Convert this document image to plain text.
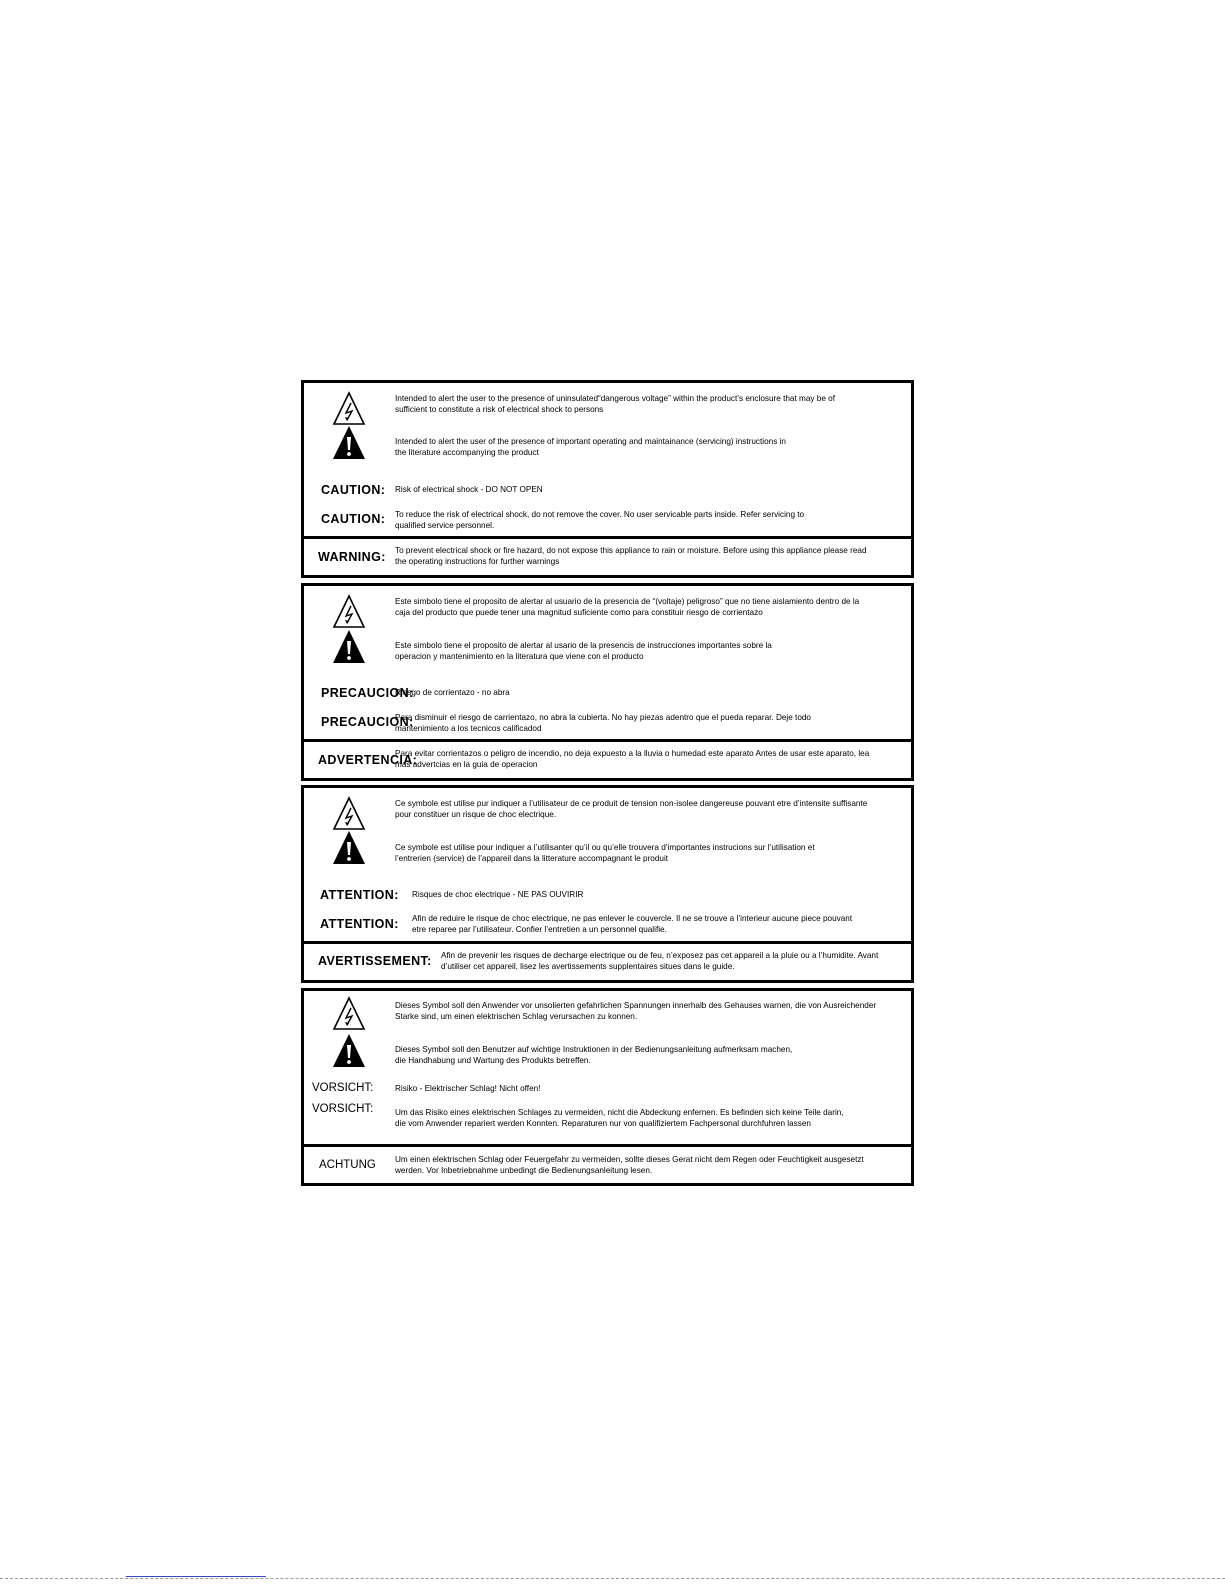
Intended to alert the user to the presence of uninsulated“dangerous voltage” within the product’s enclosure that may be of
sufficient to constitute a risk of electrical shock to persons
Intended to alert the user of the presence of important operating and maintainance (servicing) instructions in
the literature accompanying the product
CAUTION: Risk of electrical shock - DO NOT OPEN
CAUTION: To reduce the risk of electrical shock, do not remove the cover. No user servicable parts inside. Refer servicing to
qualified service personnel.
WARNING: To prevent electrical shock or fire hazard, do not expose this appliance to rain or moisture. Before using this appliance please read
the operating instructions for further warnings
Este simbolo tiene el proposito de alertar al usuario de la presencia de “(voltaje) peligroso” que no tiene aislamiento dentro de la
caja del producto que puede tener una magnitud suficiente como para constituir riesgo de corrientazo
Este simbolo tiene el proposito de alertar al usario de la presencis de instrucciones importantes sobre la
operacion y mantenimiento en la literatura que viene con el producto
PRECAUCION:
Riesgo de corrientazo - no abra
PRECAUCION:
Para disminuir el riesgo de carrientazo, no abra la cubierta. No hay piezas adentro que el pueda reparar. Deje todo
mantenimiento a los tecnicos calificadod
ADVERTENCIA:
Para evitar corrientazos o peligro de incendio, no deja expuesto a la lluvia o humedad este aparato Antes de usar este aparato, lea
mas advertcias en la guia de operacion
Ce symbole est utilise pur indiquer a l’utilisateur de ce produit de tension non-isolee dangereuse pouvant etre d’intensite suffisante
pour constituer un risque de choc electrique.
Ce symbole est utilise pour indiquer a l’utilisanter qu’il ou qu’elle trouvera d’importantes instrucions sur l’utilisation et
l’entrerien (service) de l’appareil dans la litterature accompagnant le produit
ATTENTION: Risques de choc electrique - NE PAS OUVIRIR
ATTENTION: Afin de reduire le risque de choc electrique, ne pas enlever le couvercle. Il ne se trouve a l’interieur aucune piece pouvant
etre reparee par l’utilisateur. Confier l’entretien a un personnel qualifie.
AVERTISSEMENT: Afin de prevenir les risques de decharge electrique ou de feu, n’exposez pas cet appareil a la pluie ou a l’humidite. Avant
d’utiliser cet appareil, lisez les avertissements supplentaires situes dans le guide.
Dieses Symbol soll den Anwender vor unsolierten gefahrlichen Spannungen innerhalb des Gehauses warnen, die von Ausreichender
Starke sind, um einen elektrischen Schlag verursachen zu konnen.
Dieses Symbol soll den Benutzer auf wichtige Instruktionen in der Bedienungsanleitung aufmerksam machen,
die Handhabung und Wartung des Produkts betreffen.
VORSICHT:	Risiko - Elektrischer Schlag! Nicht offen!
VORSICHT:	Um das Risiko eines elektrischen Schlages zu vermeiden, nicht die Abdeckung enfernen. Es befinden sich keine Teile darin,
die vom Anwender repariert werden Konnten. Reparaturen nur von qualifiziertem Fachpersonal durchfuhren lassen
ACHTUNG Um einen elektrischen Schlag oder Feuergefahr zu vermeiden, sollte dieses Gerat nicht dem Regen oder Feuchtigkeit ausgesetzt
werden. Vor Inbetriebnahme unbedingt die Bedienungsanleitung lesen.
